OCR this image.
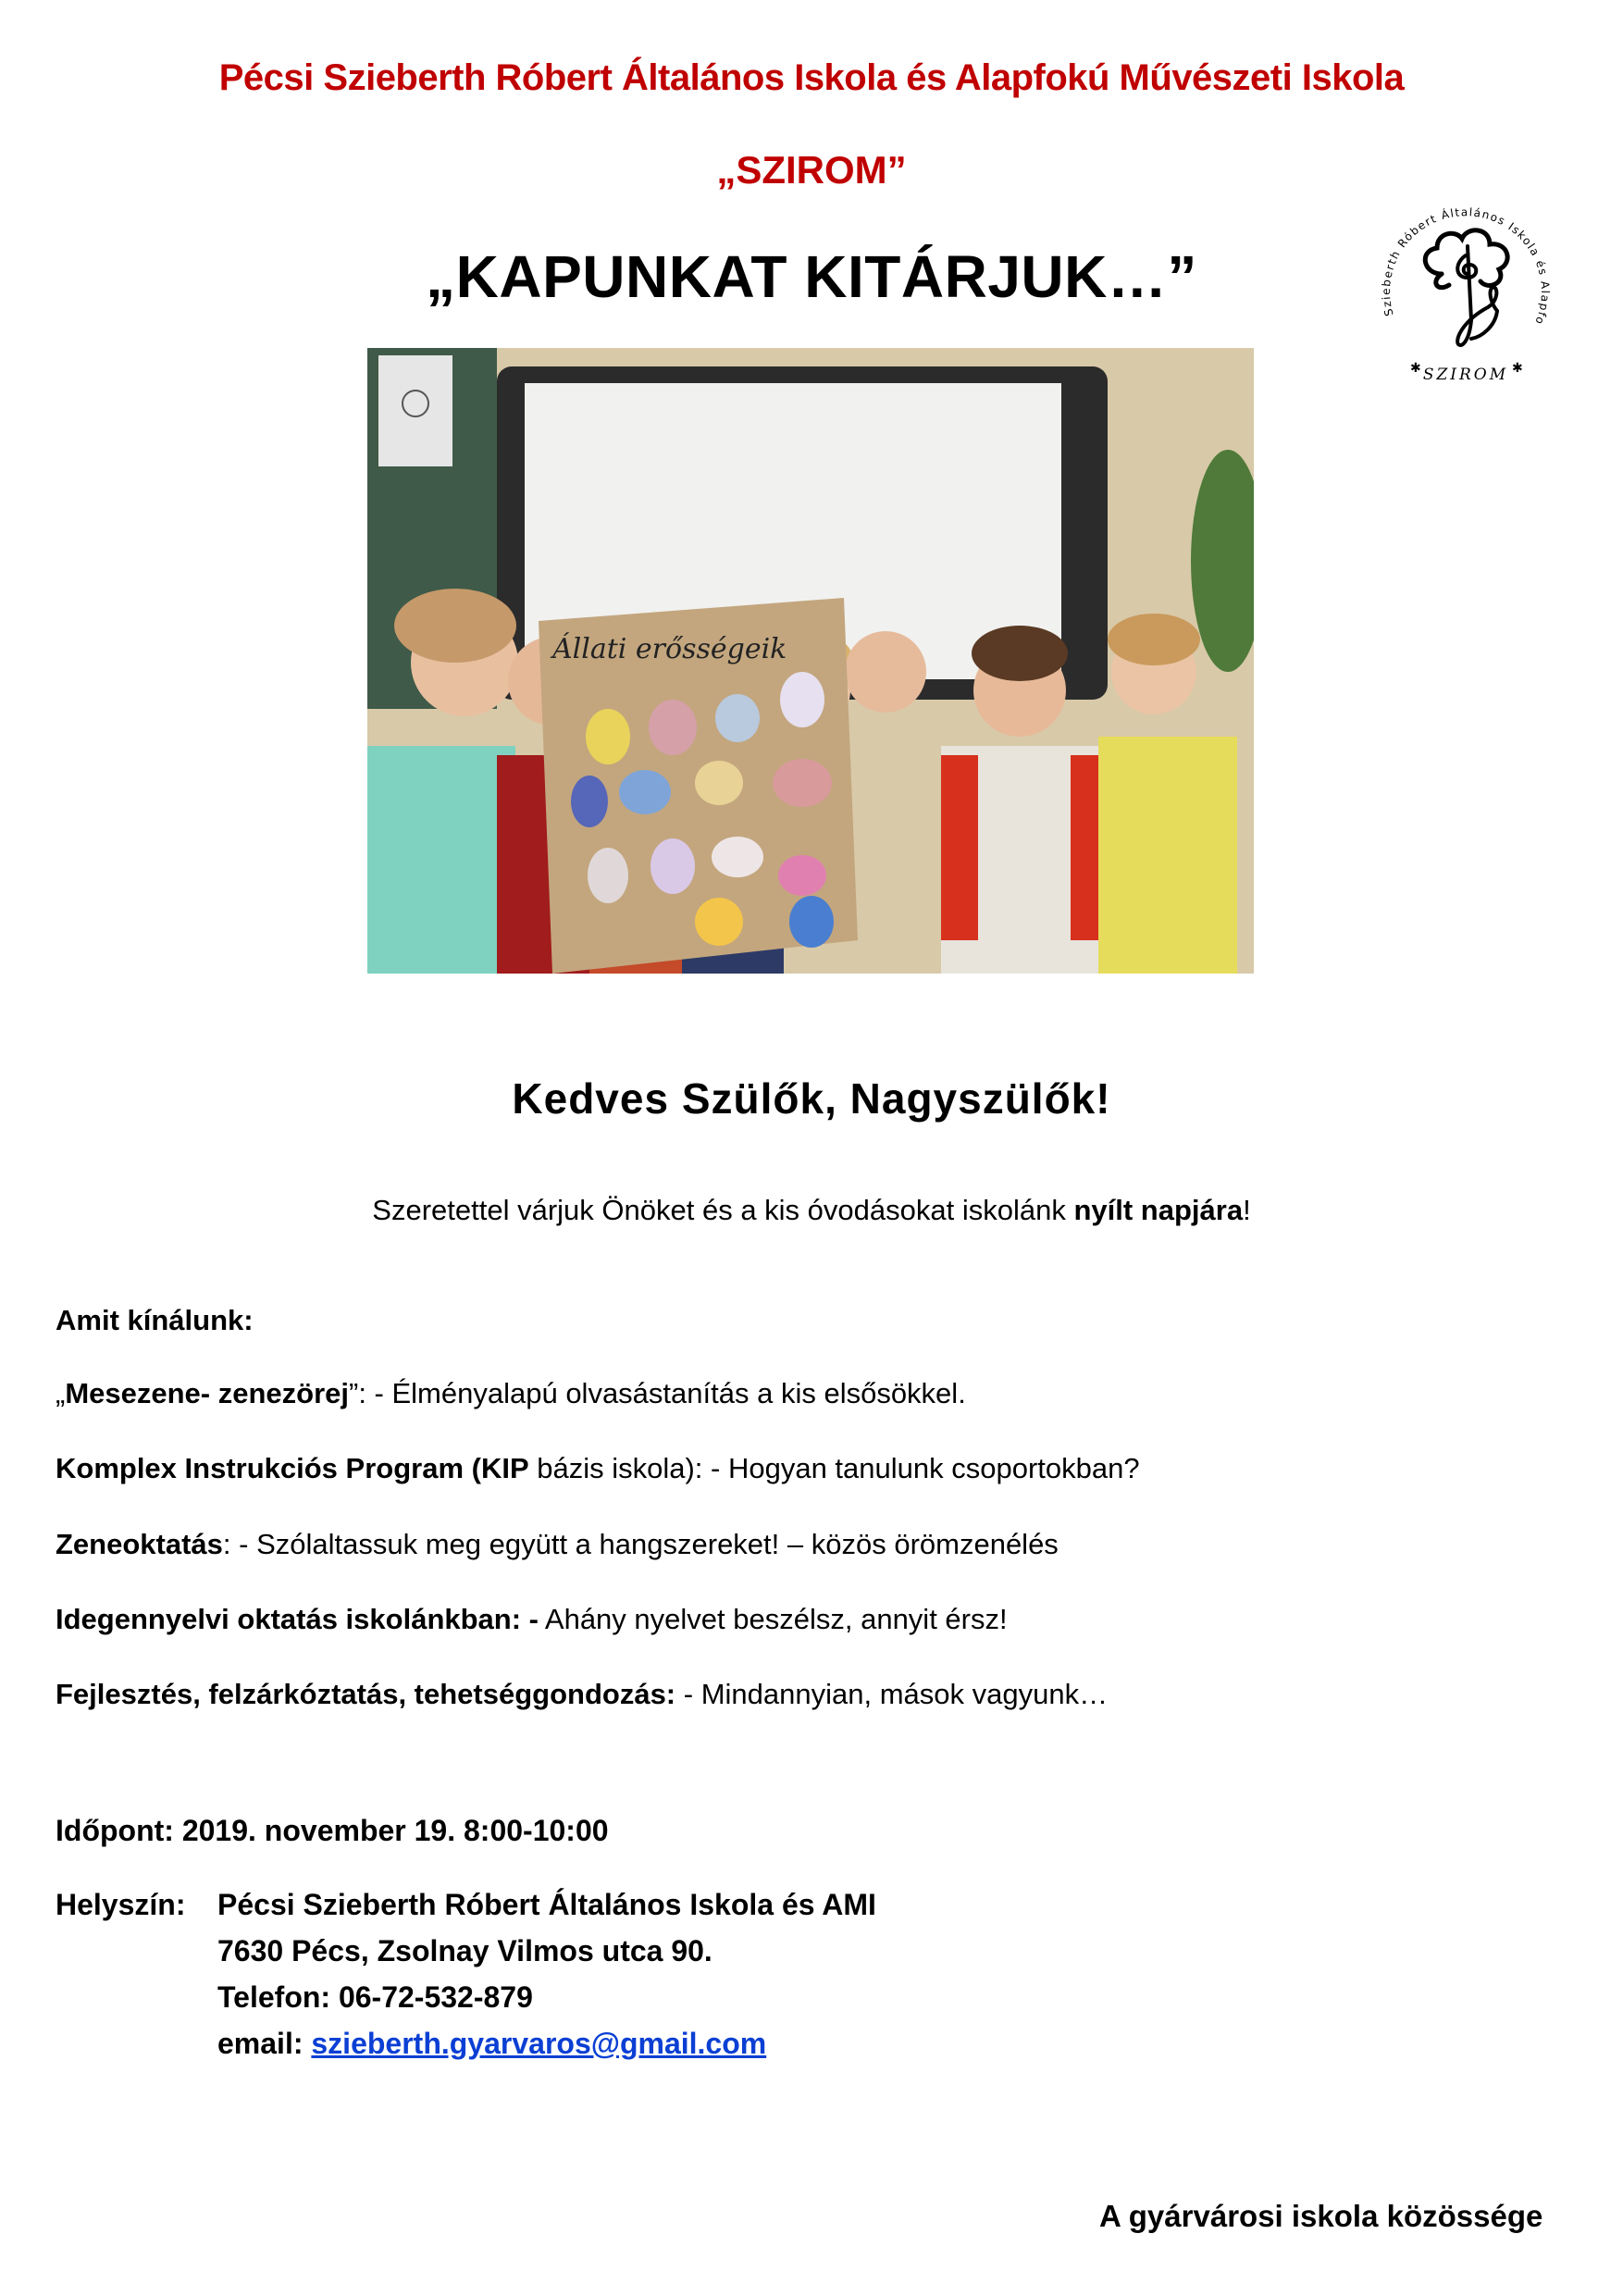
Pécsi Szieberth Róbert Általános Iskola és Alapfokú Művészeti Iskola
„SZIROM”
„KAPUNKAT KITÁRJUK…”
Szieberth Róbert Általános Iskola és Alapfo
SZIROM
✱	✱
Állati erősségeik
Kedves Szülők, Nagyszülők!
Szeretettel várjuk Önöket és a kis óvodásokat iskolánk nyílt napjára!
Amit kínálunk:
„Mesezene- zenezörej”: - Élményalapú olvasástanítás a kis elsősökkel.
Komplex Instrukciós Program (KIP bázis iskola): - Hogyan tanulunk csoportokban?
Zeneoktatás: - Szólaltassuk meg együtt a hangszereket! – közös örömzenélés
Idegennyelvi oktatás iskolánkban: - Ahány nyelvet beszélsz, annyit érsz!
Fejlesztés, felzárkóztatás, tehetséggondozás: - Mindannyian, mások vagyunk…
Időpont: 2019. november 19. 8:00-10:00
Helyszín:	Pécsi Szieberth Róbert Általános Iskola és AMI
7630 Pécs, Zsolnay Vilmos utca 90.
Telefon: 06-72-532-879
email:
szieberth.gyarvaros@gmail.com
A gyárvárosi iskola közössége
